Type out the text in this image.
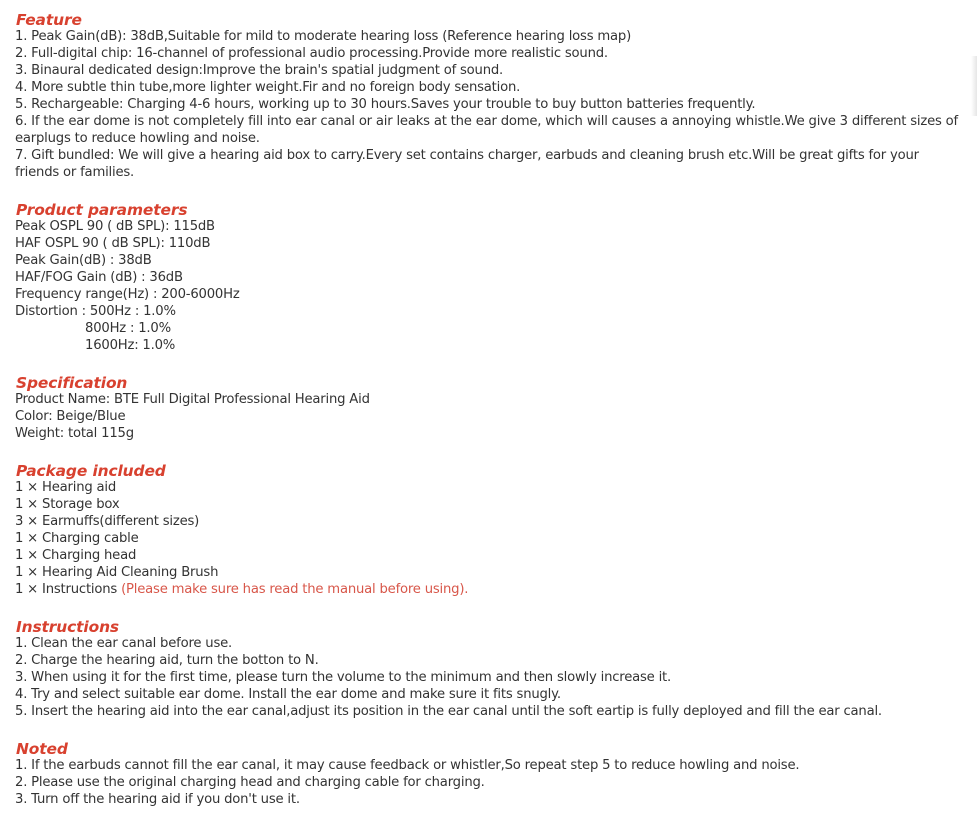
Feature
1. Peak Gain(dB): 38dB,Suitable for mild to moderate hearing loss (Reference hearing loss map)
2. Full-digital chip: 16-channel of professional audio processing.Provide more realistic sound.
3. Binaural dedicated design:Improve the brain's spatial judgment of sound.
4. More subtle thin tube,more lighter weight.Fir and no foreign body sensation.
5. Rechargeable: Charging 4-6 hours, working up to 30 hours.Saves your trouble to buy button batteries frequently.
6. If the ear dome is not completely fill into ear canal or air leaks at the ear dome, which will causes a annoying whistle.We give 3 different sizes of earplugs to reduce howling and noise.
7. Gift bundled: We will give a hearing aid box to carry.Every set contains charger, earbuds and cleaning brush etc.Will be great gifts for your friends or families.
Product parameters
Peak OSPL 90 ( dB SPL): 115dB
HAF OSPL 90 ( dB SPL): 110dB
Peak Gain(dB) : 38dB
HAF/FOG Gain (dB) : 36dB
Frequency range(Hz) : 200-6000Hz
Distortion : 500Hz : 1.0%
800Hz : 1.0%
1600Hz: 1.0%
Specification
Product Name: BTE Full Digital Professional Hearing Aid
Color: Beige/Blue
Weight: total 115g
Package included
1 × Hearing aid
1 × Storage box
3 × Earmuffs(different sizes)
1 × Charging cable
1 × Charging head
1 × Hearing Aid Cleaning Brush
1 × Instructions (Please make sure has read the manual before using).
Instructions
1. Clean the ear canal before use.
2. Charge the hearing aid, turn the botton to N.
3. When using it for the first time, please turn the volume to the minimum and then slowly increase it.
4. Try and select suitable ear dome. Install the ear dome and make sure it fits snugly.
5. Insert the hearing aid into the ear canal,adjust its position in the ear canal until the soft eartip is fully deployed and fill the ear canal.
Noted
1. If the earbuds cannot fill the ear canal, it may cause feedback or whistler,So repeat step 5 to reduce howling and noise.
2. Please use the original charging head and charging cable for charging.
3. Turn off the hearing aid if you don't use it.
